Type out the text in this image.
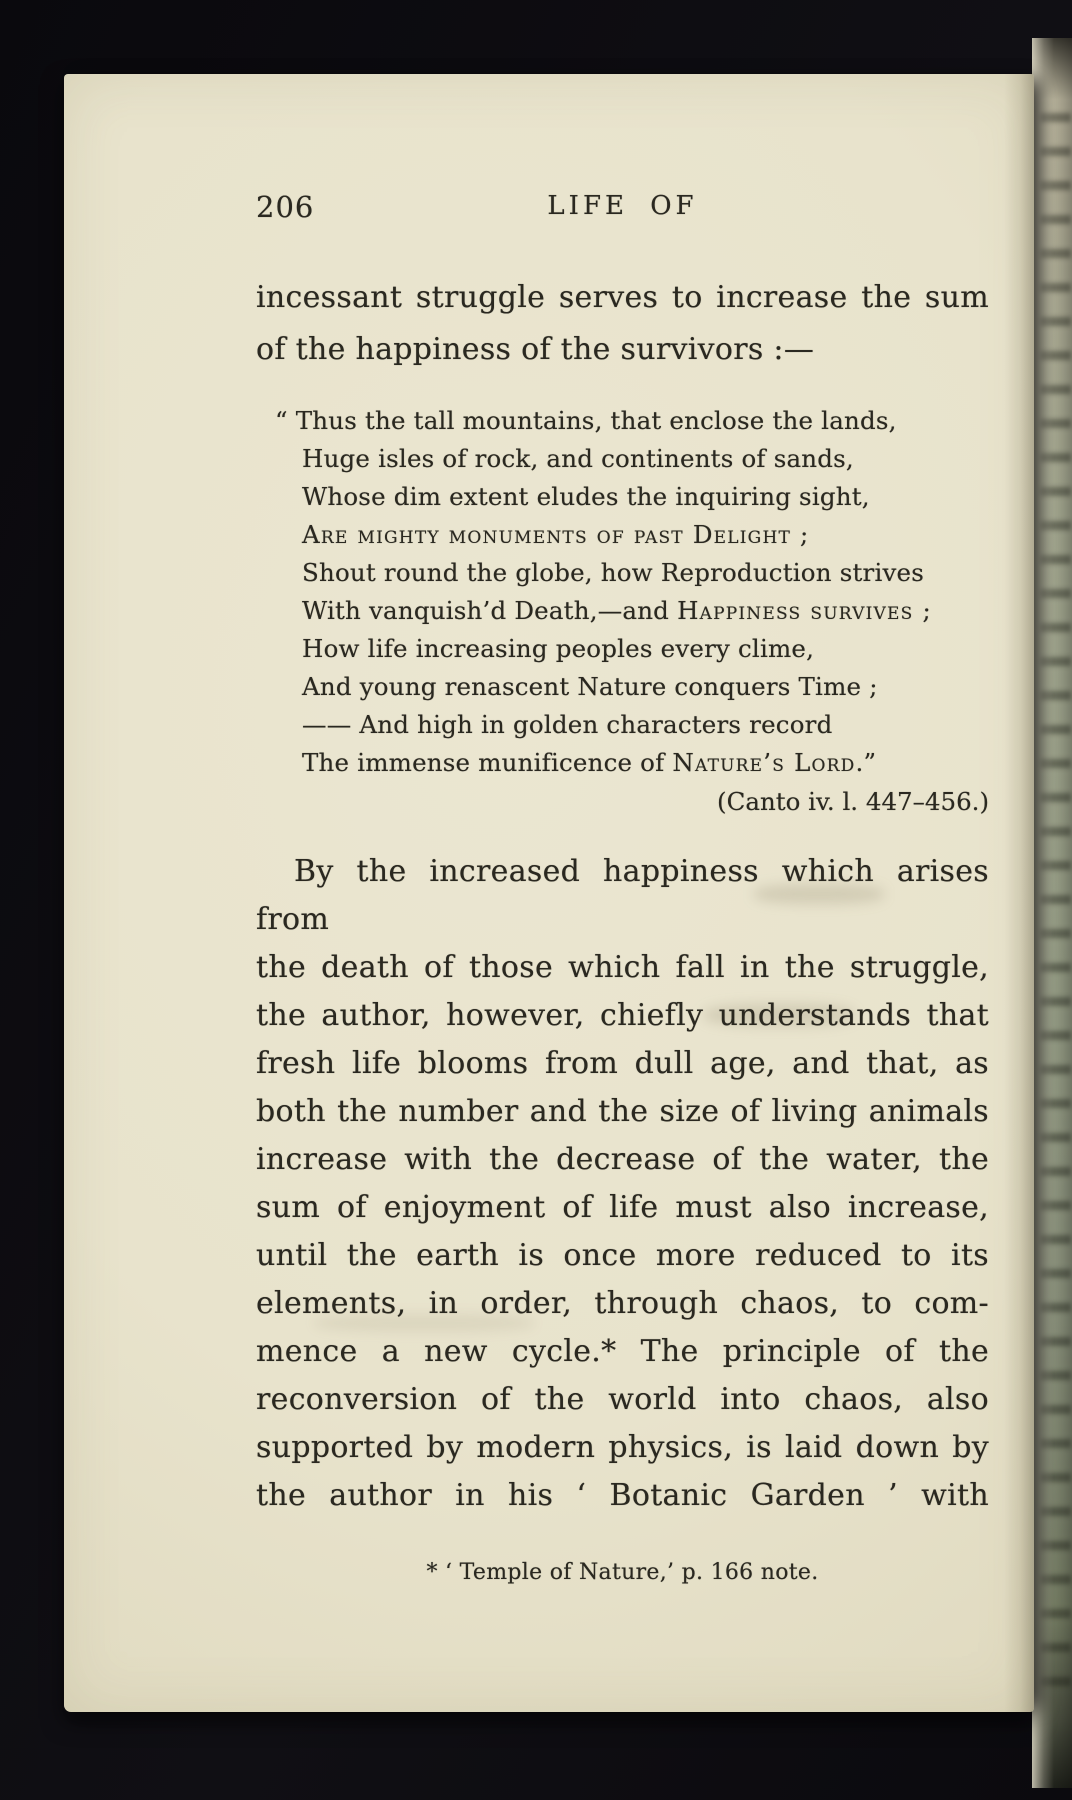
206	LIFE OF
incessant struggle serves to increase the sum
of the happiness of the survivors :—
“ Thus the tall mountains, that enclose the lands,
Huge isles of rock, and continents of sands,
Whose dim extent eludes the inquiring sight,
Are mighty monuments of past Delight ;
Shout round the globe, how Reproduction strives
With vanquish’d Death,—and Happiness survives ;
How life increasing peoples every clime,
And young renascent Nature conquers Time ;
—— And high in golden characters record
The immense munificence of Nature’s Lord.”
(Canto iv. l. 447–456.)
By the increased happiness which arises from
the death of those which fall in the struggle,
the author, however, chiefly understands that
fresh life blooms from dull age, and that, as
both the number and the size of living animals
increase with the decrease of the water, the
sum of enjoyment of life must also increase,
until the earth is once more reduced to its
elements, in order, through chaos, to com-
mence a new cycle.* The principle of the
reconversion of the world into chaos, also
supported by modern physics, is laid down by
the author in his ‘ Botanic Garden ’ with
* ‘ Temple of Nature,’ p. 166 note.
